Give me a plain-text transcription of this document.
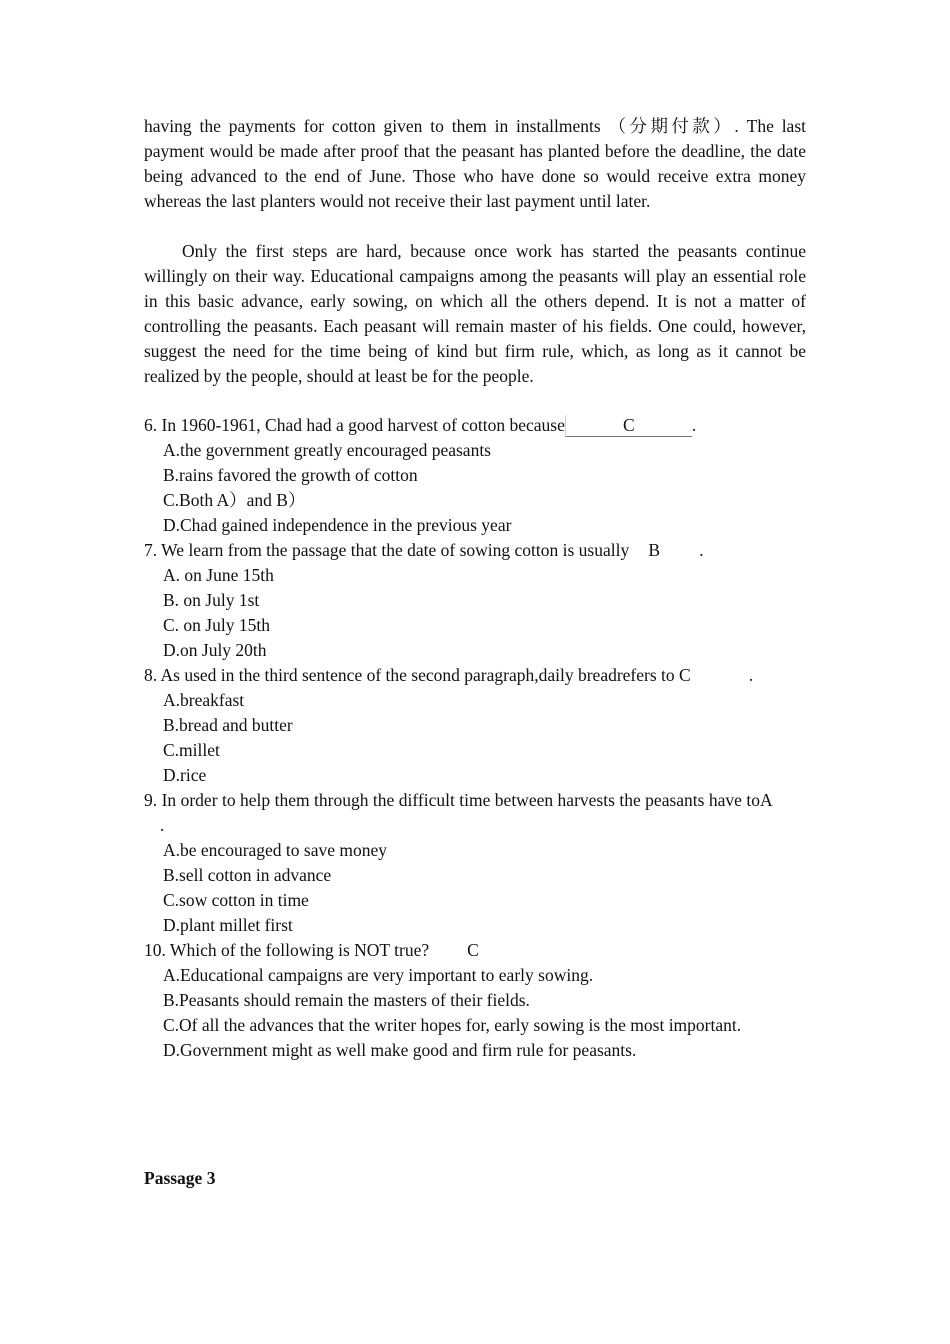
having the payments for cotton given to them in installments （分期付款）. The last payment would be made after proof that the peasant has planted before the deadline, the date being advanced to the end of June. Those who have done so would receive extra money whereas the last planters would not receive their last payment until later.

Only the first steps are hard, because once work has started the peasants continue willingly on their way. Educational campaigns among the peasants will play an essential role in this basic advance, early sowing, on which all the others depend. It is not a matter of controlling the peasants. Each peasant will remain master of his fields. One could, however, suggest the need for the time being of kind but firm rule, which, as long as it cannot be realized by the people, should at least be for the people.

6. In 1960-1961, Chad had a good harvest of cotton because	C	.

A.the government greatly encouraged peasants

B.rains favored the growth of cotton

C.Both A）and B）

D.Chad gained independence in the previous year

7. We learn from the passage that the date of sowing cotton is usually B .

A. on June 15th

B. on July 1st

C. on July 15th

D.on July 20th

8. As used in the third sentence of the second paragraph,daily breadrefers to C	.

A.breakfast

B.bread and butter

C.millet

D.rice

9. In order to help them through the difficult time between harvests the peasants have toA.

A.be encouraged to save money

B.sell cotton in advance

C.sow cotton in time

D.plant millet first

10. Which of the following is NOT true? C

A.Educational campaigns are very important to early sowing.

B.Peasants should remain the masters of their fields.

C.Of all the advances that the writer hopes for, early sowing is the most important.

D.Government might as well make good and firm rule for peasants.

Passage 3
